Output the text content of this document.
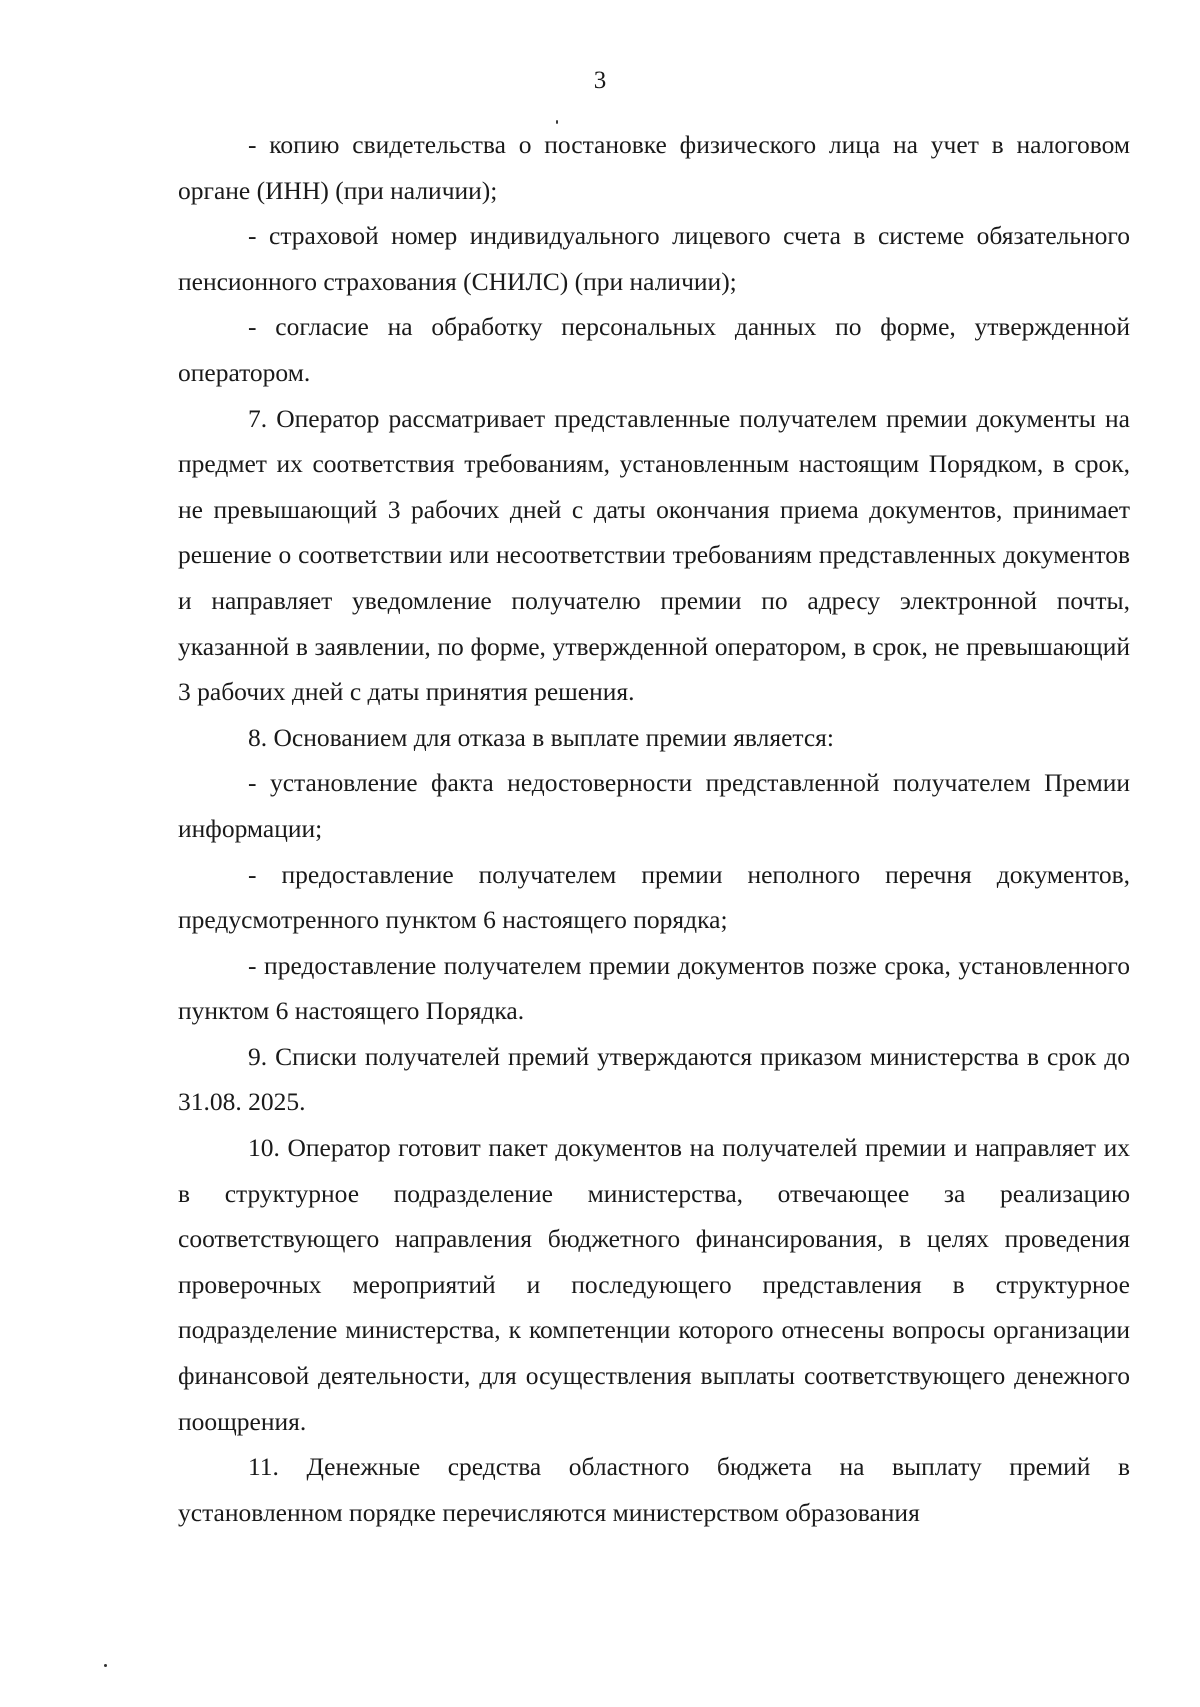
3

- копию свидетельства о постановке физического лица на учет в налоговом органе (ИНН) (при наличии);

- страховой номер индивидуального лицевого счета в системе обязательного пенсионного страхования (СНИЛС) (при наличии);

- согласие на обработку персональных данных по форме, утвержденной оператором.

7. Оператор рассматривает представленные получателем премии документы на предмет их соответствия требованиям, установленным настоящим Порядком, в срок, не превышающий 3 рабочих дней с даты окончания приема документов, принимает решение о соответствии или несоответствии требованиям представленных документов и направляет уведомление получателю премии по адресу электронной почты, указанной в заявлении, по форме, утвержденной оператором, в срок, не превышающий 3 рабочих дней с даты принятия решения.

8. Основанием для отказа в выплате премии является:

- установление факта недостоверности представленной получателем Премии информации;

- предоставление получателем премии неполного перечня документов, предусмотренного пунктом 6 настоящего порядка;

- предоставление получателем премии документов позже срока, установленного пунктом 6 настоящего Порядка.

9. Списки получателей премий утверждаются приказом министерства в срок до 31.08. 2025.

10. Оператор готовит пакет документов на получателей премии и направляет их в структурное подразделение министерства, отвечающее за реализацию соответствующего направления бюджетного финансирования, в целях проведения проверочных мероприятий и последующего представления в структурное подразделение министерства, к компетенции которого отнесены вопросы организации финансовой деятельности, для осуществления выплаты соответствующего денежного поощрения.

11. Денежные средства областного бюджета на выплату премий в установленном порядке перечисляются министерством образования
